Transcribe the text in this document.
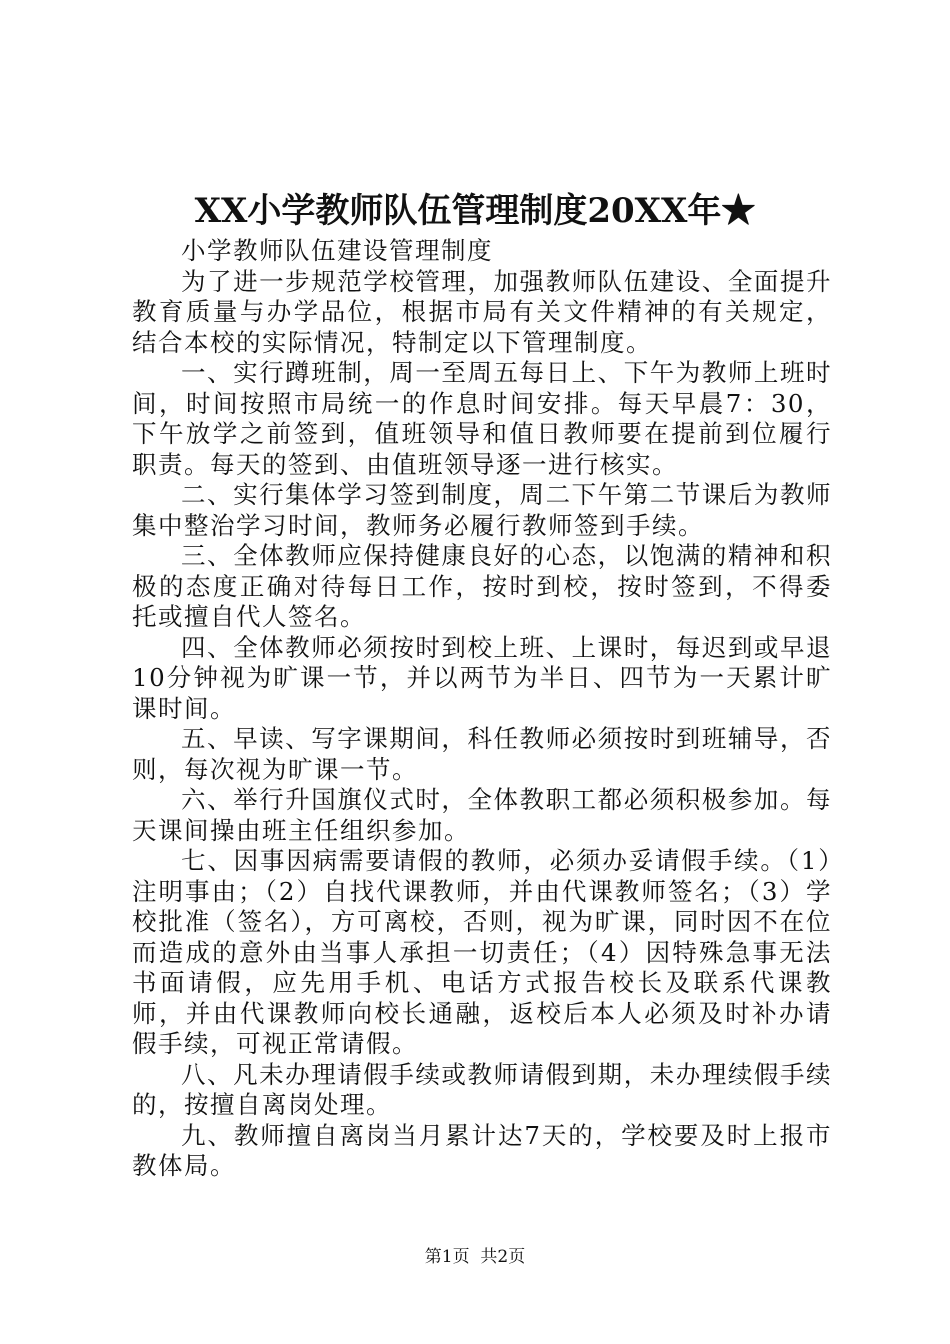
XX小学教师队伍管理制度20XX年★

小学教师队伍建设管理制度

为了进一步规范学校管理，加强教师队伍建设、全面提升教育质量与办学品位，根据市局有关文件精神的有关规定，结合本校的实际情况，特制定以下管理制度。

一、实行蹲班制，周一至周五每日上、下午为教师上班时间，时间按照市局统一的作息时间安排。每天早晨7：30，下午放学之前签到，值班领导和值日教师要在提前到位履行职责。每天的签到、由值班领导逐一进行核实。

二、实行集体学习签到制度，周二下午第二节课后为教师集中整治学习时间，教师务必履行教师签到手续。

三、全体教师应保持健康良好的心态，以饱满的精神和积极的态度正确对待每日工作，按时到校，按时签到，不得委托或擅自代人签名。

四、全体教师必须按时到校上班、上课时，每迟到或早退10分钟视为旷课一节，并以两节为半日、四节为一天累计旷课时间。

五、早读、写字课期间，科任教师必须按时到班辅导，否则，每次视为旷课一节。

六、举行升国旗仪式时，全体教职工都必须积极参加。每天课间操由班主任组织参加。

七、因事因病需要请假的教师，必须办妥请假手续。（1）注明事由；（2）自找代课教师，并由代课教师签名；（3）学校批准（签名），方可离校，否则，视为旷课，同时因不在位而造成的意外由当事人承担一切责任；（4）因特殊急事无法书面请假，应先用手机、电话方式报告校长及联系代课教师，并由代课教师向校长通融，返校后本人必须及时补办请假手续，可视正常请假。

八、凡未办理请假手续或教师请假到期，未办理续假手续的，按擅自离岗处理。

九、教师擅自离岗当月累计达7天的，学校要及时上报市教体局。

第1页  共2页
